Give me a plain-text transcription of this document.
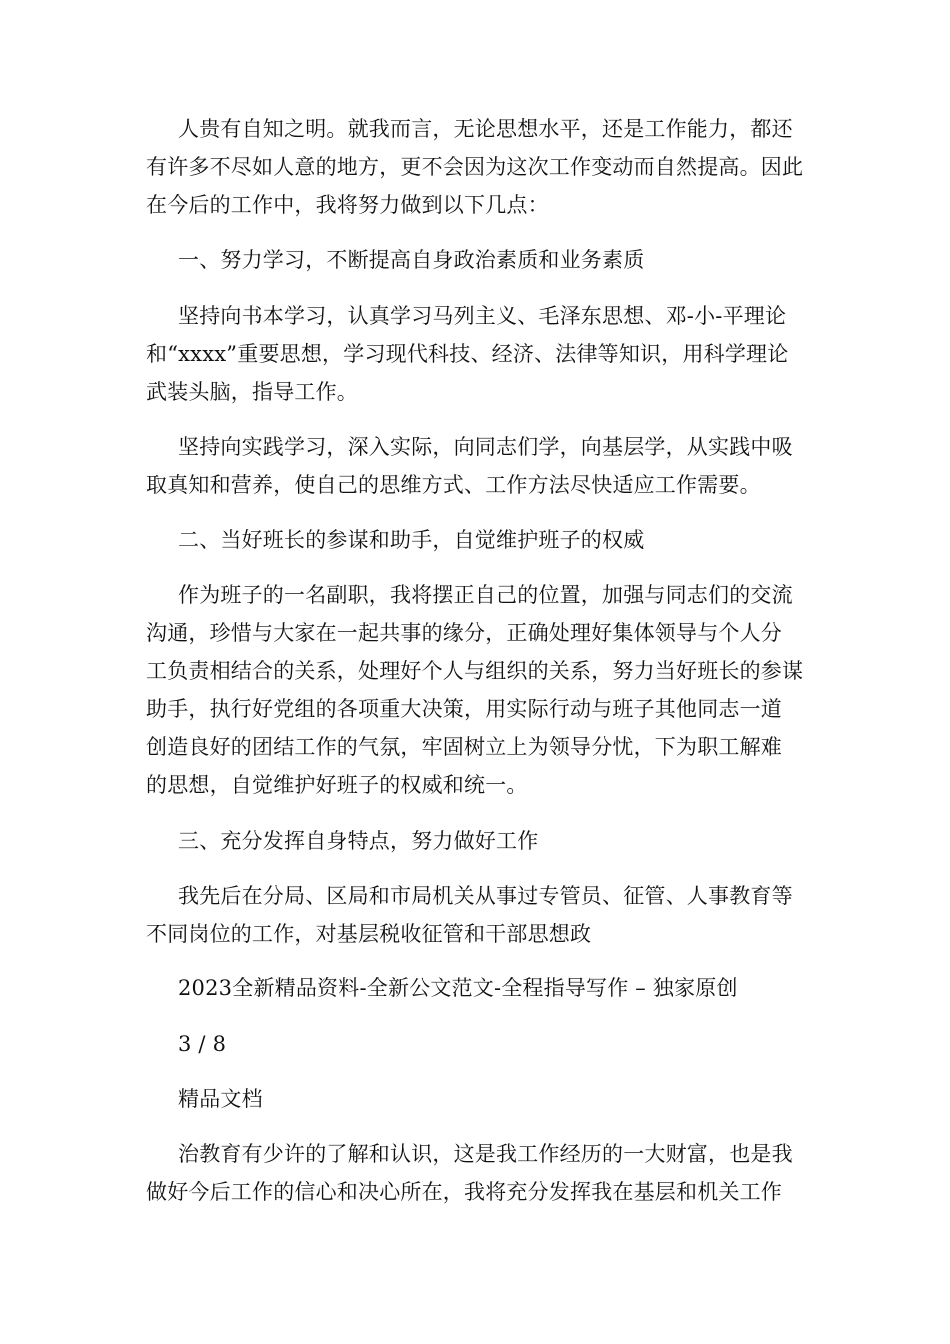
人贵有自知之明。就我而言，无论思想水平，还是工作能力，都还
有许多不尽如人意的地方，更不会因为这次工作变动而自然提高。因此
在今后的工作中，我将努力做到以下几点：
一、努力学习，不断提高自身政治素质和业务素质
坚持向书本学习，认真学习马列主义、毛泽东思想、邓-小-平理论
和“xxxx”重要思想，学习现代科技、经济、法律等知识，用科学理论
武装头脑，指导工作。
坚持向实践学习，深入实际，向同志们学，向基层学，从实践中吸
取真知和营养，使自己的思维方式、工作方法尽快适应工作需要。
二、当好班长的参谋和助手，自觉维护班子的权威
作为班子的一名副职，我将摆正自己的位置，加强与同志们的交流
沟通，珍惜与大家在一起共事的缘分，正确处理好集体领导与个人分
工负责相结合的关系，处理好个人与组织的关系，努力当好班长的参谋
助手，执行好党组的各项重大决策，用实际行动与班子其他同志一道
创造良好的团结工作的气氛，牢固树立上为领导分忧，下为职工解难
的思想，自觉维护好班子的权威和统一。
三、充分发挥自身特点，努力做好工作
我先后在分局、区局和市局机关从事过专管员、征管、人事教育等
不同岗位的工作，对基层税收征管和干部思想政
2023全新精品资料-全新公文范文-全程指导写作 – 独家原创
3 / 8
精品文档
治教育有少许的了解和认识，这是我工作经历的一大财富，也是我
做好今后工作的信心和决心所在，我将充分发挥我在基层和机关工作
